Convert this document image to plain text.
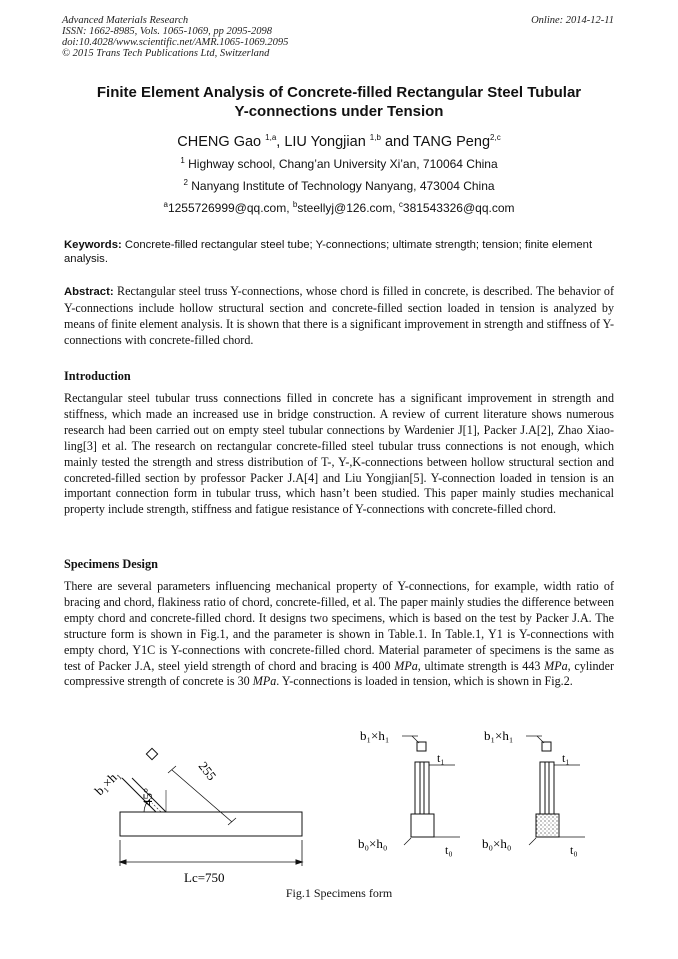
Advanced Materials Research
ISSN: 1662-8985, Vols. 1065-1069, pp 2095-2098
doi:10.4028/www.scientific.net/AMR.1065-1069.2095
© 2015 Trans Tech Publications Ltd, Switzerland
Online: 2014-12-11
Finite Element Analysis of Concrete-filled Rectangular Steel Tubular
Y-connections under Tension
CHENG Gao $^{1,a}$, LIU Yongjian $^{1,b}$ and TANG Peng$^{2,c}$
$^1$ Highway school, Chang’an University Xi’an, 710064 China
$^2$ Nanyang Institute of Technology Nanyang, 473004 China
$^a$1255726999@qq.com, $^b$steellyj@126.com, $^c$381543326@qq.com
Keywords: Concrete-filled rectangular steel tube; Y-connections; ultimate strength; tension; finite element analysis.
Abstract: Rectangular steel truss Y-connections, whose chord is filled in concrete, is described. The behavior of Y-connections include hollow structural section and concrete-filled section loaded in tension is analyzed by means of finite element analysis. It is shown that there is a significant improvement in strength and stiffness of Y-connections with concrete-filled chord.
Introduction
Rectangular steel tubular truss connections filled in concrete has a significant improvement in strength and stiffness, which made an increased use in bridge construction. A review of current literature shows numerous research had been carried out on empty steel tubular connections by Wardenier J[1], Packer J.A[2], Zhao Xiao-ling[3] et al. The research on rectangular concrete-filled steel tubular truss connections is not enough, which mainly tested the strength and stress distribution of T-, Y-,K-connections between hollow structural section and concreted-filled section by professor Packer J.A[4] and Liu Yongjian[5]. Y-connection loaded in tension is an important connection form in tubular truss, which hasn’t been studied. This paper mainly studies mechanical property include strength, stiffness and fatigue resistance of Y-connections with concrete-filled chord.
Specimens Design
There are several parameters influencing mechanical property of Y-connections, for example, width ratio of bracing and chord, flakiness ratio of chord, concrete-filled, et al. The paper mainly studies the difference between empty chord and concrete-filled chord. It designs two specimens, which is based on the test by Packer J.A. The structure form is shown in Fig.1, and the parameter is shown in Table.1. In Table.1, Y1 is Y-connections with empty chord, Y1C is Y-connections with concrete-filled chord. Material parameter of specimens is the same as test of Packer J.A, steel yield strength of chord and bracing is 400 MPa, ultimate strength is 443 MPa, cylinder compressive strength of concrete is 30 MPa. Y-connections is loaded in tension, which is shown in Fig.2.
b₁×h₁ 45°
255
Lc=750
b₁×h₁
t₁
b₀×h₀	t₀
b₁×h₁
t₁
b₀×h₀	t₀
Fig.1 Specimens form
